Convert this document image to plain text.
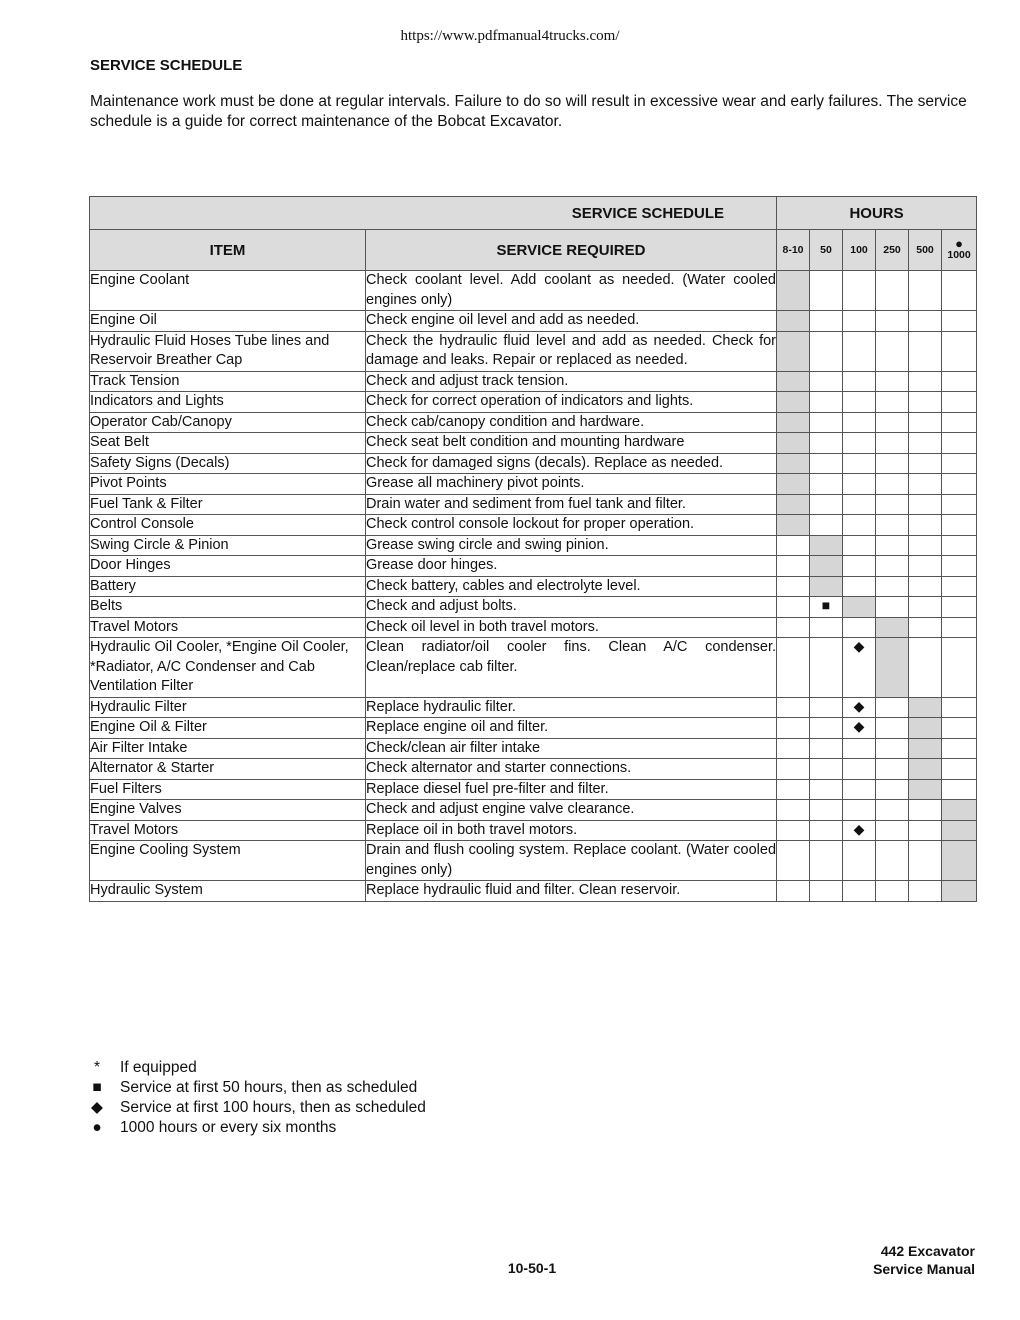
https://www.pdfmanual4trucks.com/
SERVICE SCHEDULE
Maintenance work must be done at regular intervals. Failure to do so will result in excessive wear and early failures. The service schedule is a guide for correct maintenance of the Bobcat Excavator.
SERVICE SCHEDULE		HOURS					
ITEM	SERVICE REQUIRED	8-10	50	100	250	500	●
1000

Engine Coolant	Check coolant level. Add coolant as needed. (Water cooled engines only)						
Engine Oil	Check engine oil level and add as needed.						
Hydraulic Fluid Hoses Tube lines and Reservoir Breather Cap	Check the hydraulic fluid level and add as needed. Check for damage and leaks. Repair or replaced as needed.						
Track Tension	Check and adjust track tension.						
Indicators and Lights	Check for correct operation of indicators and lights.						
Operator Cab/Canopy	Check cab/canopy condition and hardware.						
Seat Belt	Check seat belt condition and mounting hardware						
Safety Signs (Decals)	Check for damaged signs (decals). Replace as needed.						
Pivot Points	Grease all machinery pivot points.						
Fuel Tank & Filter	Drain water and sediment from fuel tank and filter.						
Control Console	Check control console lockout for proper operation.						
Swing Circle & Pinion	Grease swing circle and swing pinion.						
Door Hinges	Grease door hinges.						
Battery	Check battery, cables and electrolyte level.						
Belts	Check and adjust bolts.		■				
Travel Motors	Check oil level in both travel motors.						
Hydraulic Oil Cooler, *Engine Oil Cooler, *Radiator, A/C Condenser and Cab Ventilation Filter	Clean radiator/oil cooler fins. Clean A/C condenser. Clean/replace cab filter.			◆			
Hydraulic Filter	Replace hydraulic filter.			◆			
Engine Oil & Filter	Replace engine oil and filter.			◆			
Air Filter Intake	Check/clean air filter intake						
Alternator & Starter	Check alternator and starter connections.						
Fuel Filters	Replace diesel fuel pre-filter and filter.						
Engine Valves	Check and adjust engine valve clearance.						
Travel Motors	Replace oil in both travel motors.			◆			
Engine Cooling System	Drain and flush cooling system. Replace coolant. (Water cooled engines only)						
Hydraulic System	Replace hydraulic fluid and filter. Clean reservoir.						
* If equipped
■ Service at first 50 hours, then as scheduled
◆ Service at first 100 hours, then as scheduled
● 1000 hours or every six months
10-50-1
442 Excavator
Service Manual
